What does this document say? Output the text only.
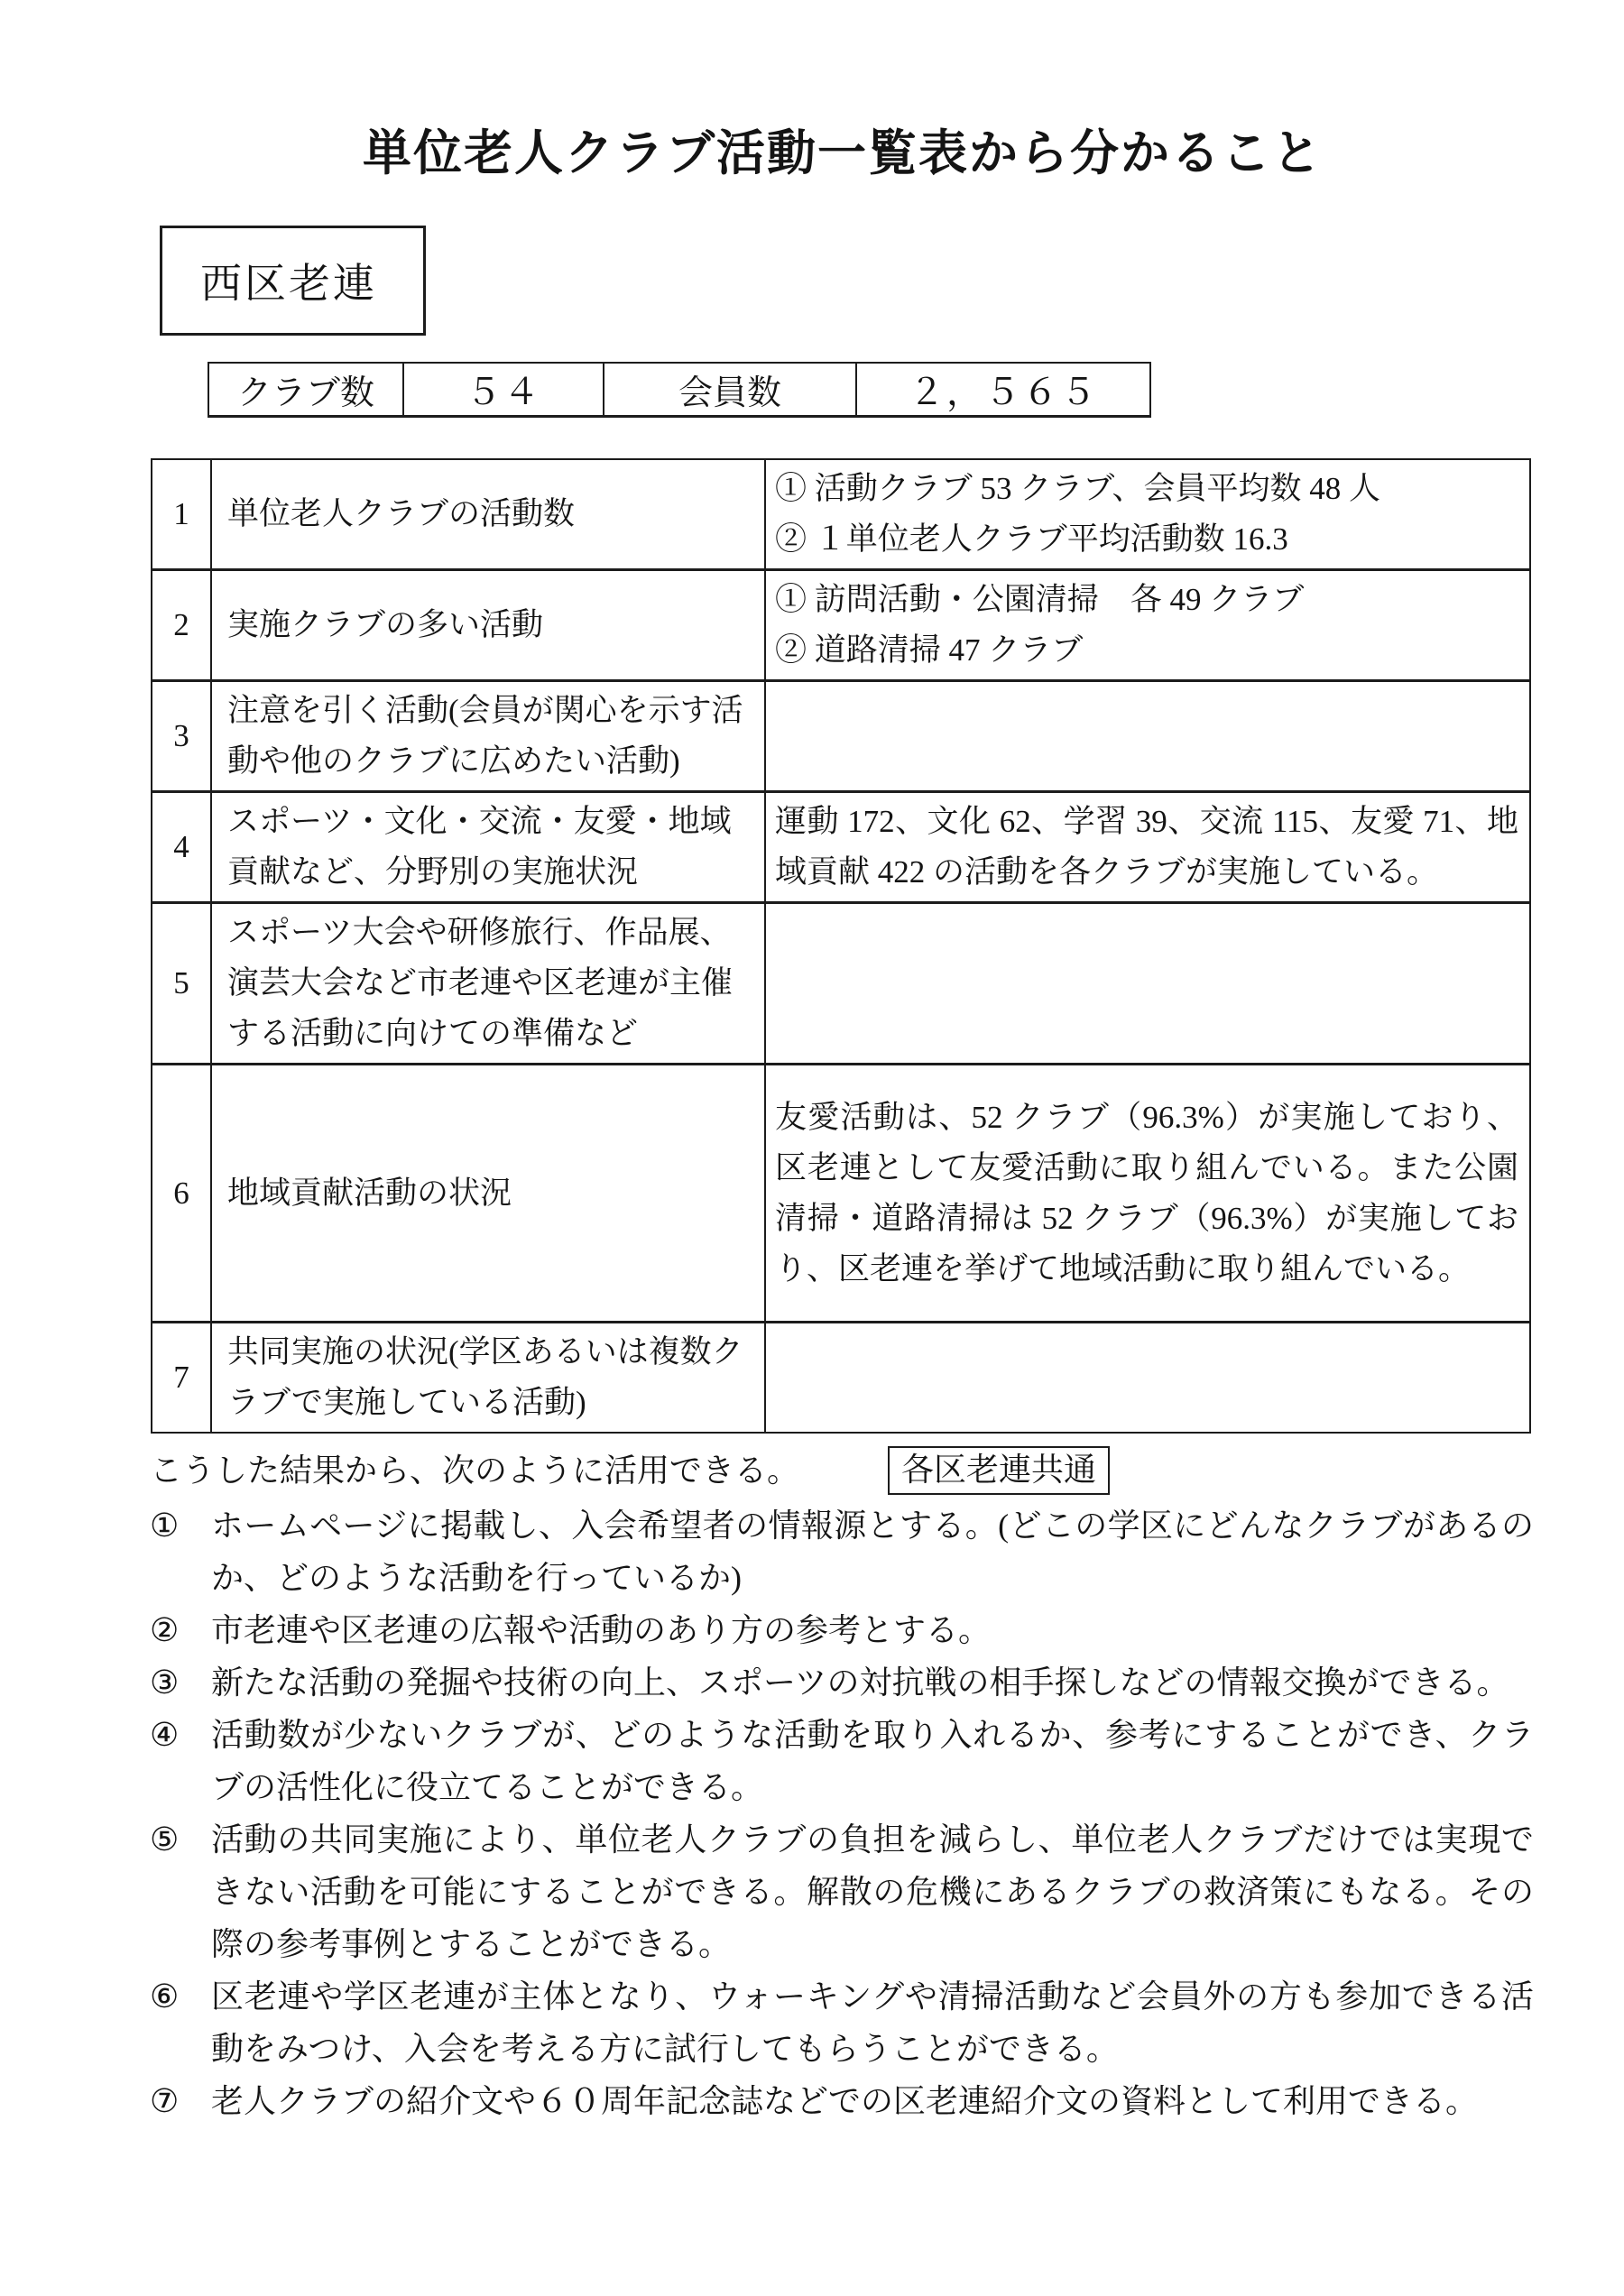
単位老人クラブ活動一覧表から分かること
西区老連
クラブ数	５４	会員数	２，５６５
1	単位老人クラブの活動数	① 活動クラブ 53 クラブ、会員平均数 48 人
② １単位老人クラブ平均活動数 16.3

2	実施クラブの多い活動	① 訪問活動・公園清掃　各 49 クラブ
② 道路清掃 47 クラブ

3	注意を引く活動(会員が関心を示す活動や他のクラブに広めたい活動)	
4	スポーツ・文化・交流・友愛・地域貢献など、分野別の実施状況	運動 172、文化 62、学習 39、交流 115、友愛 71、地域貢献 422 の活動を各クラブが実施している。
5	スポーツ大会や研修旅行、作品展、演芸大会など市老連や区老連が主催する活動に向けての準備など	
6	地域貢献活動の状況	友愛活動は、52 クラブ（96.3%）が実施しており、区老連として友愛活動に取り組んでいる。また公園清掃・道路清掃は 52 クラブ（96.3%）が実施しており、区老連を挙げて地域活動に取り組んでいる。
7	共同実施の状況(学区あるいは複数クラブで実施している活動)	
こうした結果から、次のように活用できる。	各区老連共通
① ホームページに掲載し、入会希望者の情報源とする。(どこの学区にどんなクラブがあるのか、どのような活動を行っているか)
② 市老連や区老連の広報や活動のあり方の参考とする。
③ 新たな活動の発掘や技術の向上、スポーツの対抗戦の相手探しなどの情報交換ができる。
④ 活動数が少ないクラブが、どのような活動を取り入れるか、参考にすることができ、クラブの活性化に役立てることができる。
⑤ 活動の共同実施により、単位老人クラブの負担を減らし、単位老人クラブだけでは実現できない活動を可能にすることができる。解散の危機にあるクラブの救済策にもなる。その際の参考事例とすることができる。
⑥ 区老連や学区老連が主体となり、ウォーキングや清掃活動など会員外の方も参加できる活動をみつけ、入会を考える方に試行してもらうことができる。
⑦ 老人クラブの紹介文や６０周年記念誌などでの区老連紹介文の資料として利用できる。
